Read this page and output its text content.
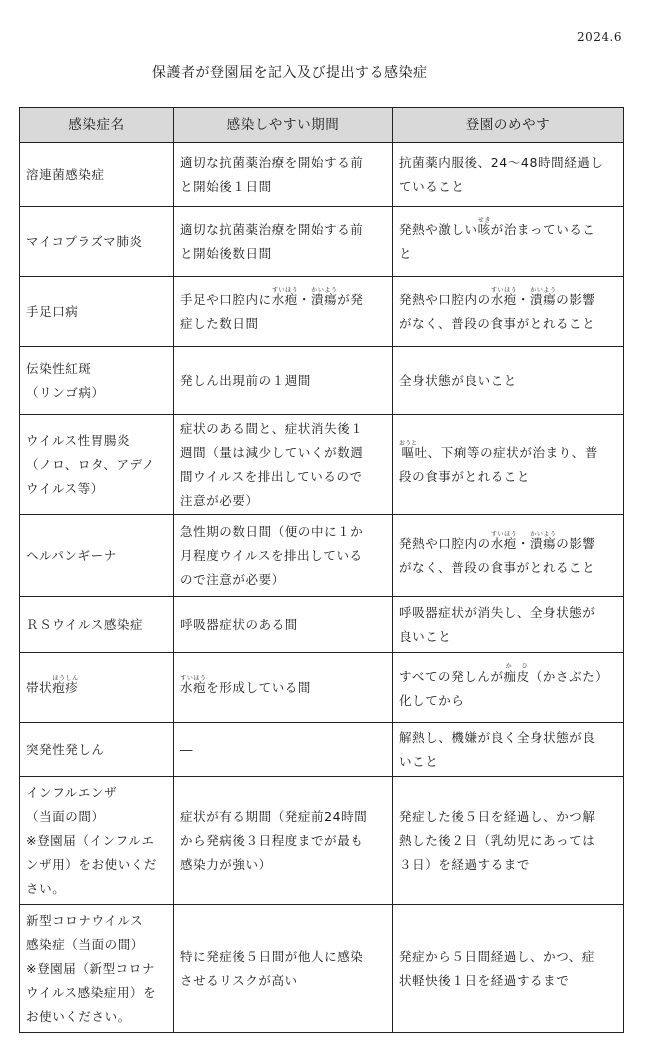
2024.6
保護者が登園届を記入及び提出する感染症
感染症名	感染しやすい期間	登園のめやす

溶連菌感染症	適切な抗菌薬治療を開始する前
と開始後１日間	抗菌薬内服後、24～48時間経過し
ていること

マイコプラズマ肺炎	適切な抗菌薬治療を開始する前
と開始後数日間	発熱や激しい咳せきが治まっているこ
と

手足口病	手足や口腔内に水疱すいほう・潰瘍かいようが発
症した数日間	発熱や口腔内の水疱すいほう・潰瘍かいようの影響
がなく、普段の食事がとれること

伝染性紅斑
（リンゴ病）	発しん出現前の１週間	全身状態が良いこと

ウイルス性胃腸炎
（ノロ、ロタ、アデノ
ウイルス等）	症状のある間と、症状消失後１
週間（量は減少していくが数週
間ウイルスを排出しているので
注意が必要）	嘔おうと吐、下痢等の症状が治まり、普
段の食事がとれること

ヘルパンギーナ	急性期の数日間（便の中に１か
月程度ウイルスを排出している
ので注意が必要）	発熱や口腔内の水疱すいほう・潰瘍かいようの影響
がなく、普段の食事がとれること

ＲＳウイルス感染症	呼吸器症状のある間	呼吸器症状が消失し、全身状態が
良いこと

帯状疱疹ほうしん	水疱すいほうを形成している間	すべての発しんが痂皮か ひ（かさぶた）
化してから

突発性発しん	―	解熱し、機嫌が良く全身状態が良
いこと

インフルエンザ
（当面の間）
※登園届（インフルエ
ンザ用）をお使いくだ
さい。	症状が有る期間（発症前24時間
から発病後３日程度までが最も
感染力が強い）	発症した後５日を経過し、かつ解
熱した後２日（乳幼児にあっては
３日）を経過するまで

新型コロナウイルス
感染症（当面の間）
※登園届（新型コロナ
ウイルス感染症用）を
お使いください。	特に発症後５日間が他人に感染
させるリスクが高い	発症から５日間経過し、かつ、症
状軽快後１日を経過するまで
